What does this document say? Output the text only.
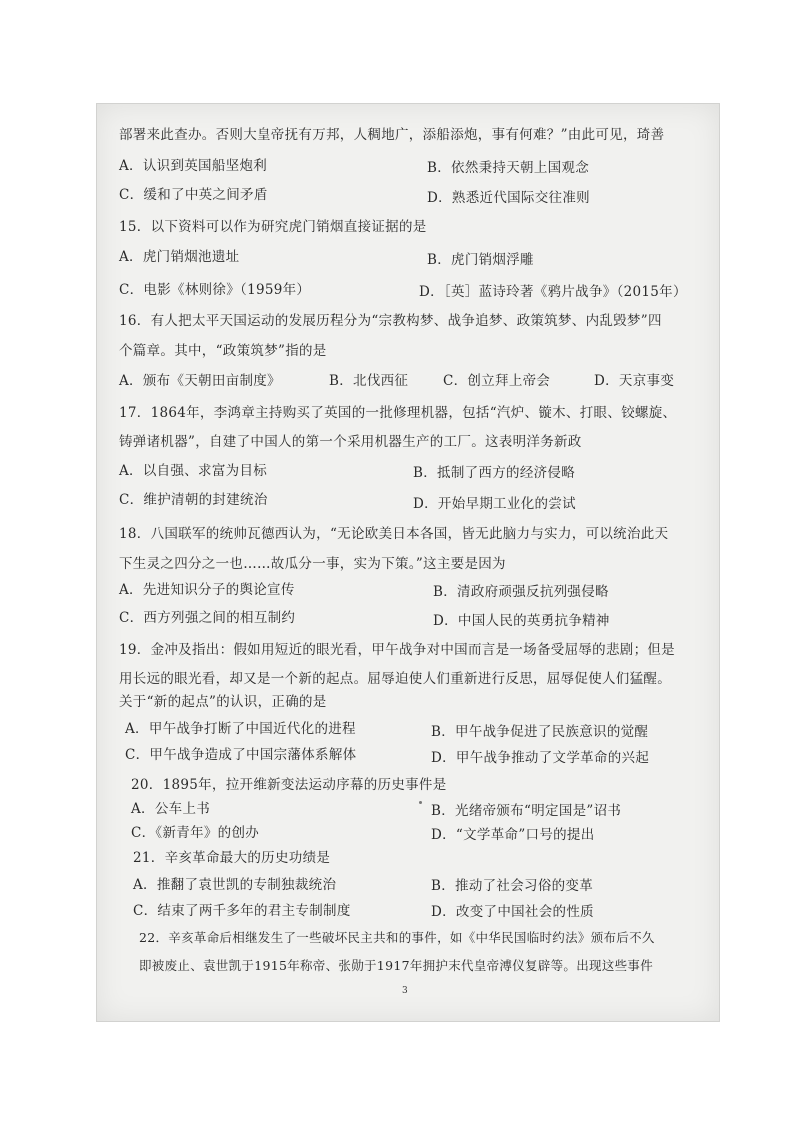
部署来此查办。否则大皇帝抚有万邦，人稠地广，添船添炮，事有何难？”由此可见，琦善
A．认识到英国船坚炮利	B．依然秉持天朝上国观念
C．缓和了中英之间矛盾	D．熟悉近代国际交往准则
15．以下资料可以作为研究虎门销烟直接证据的是
A．虎门销烟池遗址	B．虎门销烟浮雕
C．电影《林则徐》（1959年）	D．［英］蓝诗玲著《鸦片战争》（2015年）
16．有人把太平天国运动的发展历程分为“宗教构梦、战争追梦、政策筑梦、内乱毁梦”四
个篇章。其中，“政策筑梦”指的是
A．颁布《天朝田亩制度》	B．北伐西征	C．创立拜上帝会	D．天京事变
17．1864年，李鸿章主持购买了英国的一批修理机器，包括“汽炉、镟木、打眼、铰螺旋、
铸弹诸机器”，自建了中国人的第一个采用机器生产的工厂。这表明洋务新政
A．以自强、求富为目标	B．抵制了西方的经济侵略
C．维护清朝的封建统治	D．开始早期工业化的尝试
18．八国联军的统帅瓦德西认为，“无论欧美日本各国，皆无此脑力与实力，可以统治此天
下生灵之四分之一也……故瓜分一事，实为下策。”这主要是因为
A．先进知识分子的舆论宣传	B．清政府顽强反抗列强侵略
C．西方列强之间的相互制约	D．中国人民的英勇抗争精神
19．金冲及指出：假如用短近的眼光看，甲午战争对中国而言是一场备受屈辱的悲剧；但是
用长远的眼光看，却又是一个新的起点。屈辱迫使人们重新进行反思，屈辱促使人们猛醒。
关于“新的起点”的认识，正确的是
A．甲午战争打断了中国近代化的进程	B．甲午战争促进了民族意识的觉醒
C．甲午战争造成了中国宗藩体系解体	D．甲午战争推动了文学革命的兴起
20．1895年，拉开维新变法运动序幕的历史事件是
A．公车上书	B．光绪帝颁布“明定国是”诏书
C．《新青年》的创办	D．“文学革命”口号的提出
21．辛亥革命最大的历史功绩是
A．推翻了袁世凯的专制独裁统治	B．推动了社会习俗的变革
C．结束了两千多年的君主专制制度	D．改变了中国社会的性质
22．辛亥革命后相继发生了一些破坏民主共和的事件，如《中华民国临时约法》颁布后不久
即被废止、袁世凯于1915年称帝、张勋于1917年拥护末代皇帝溥仪复辟等。出现这些事件
3
